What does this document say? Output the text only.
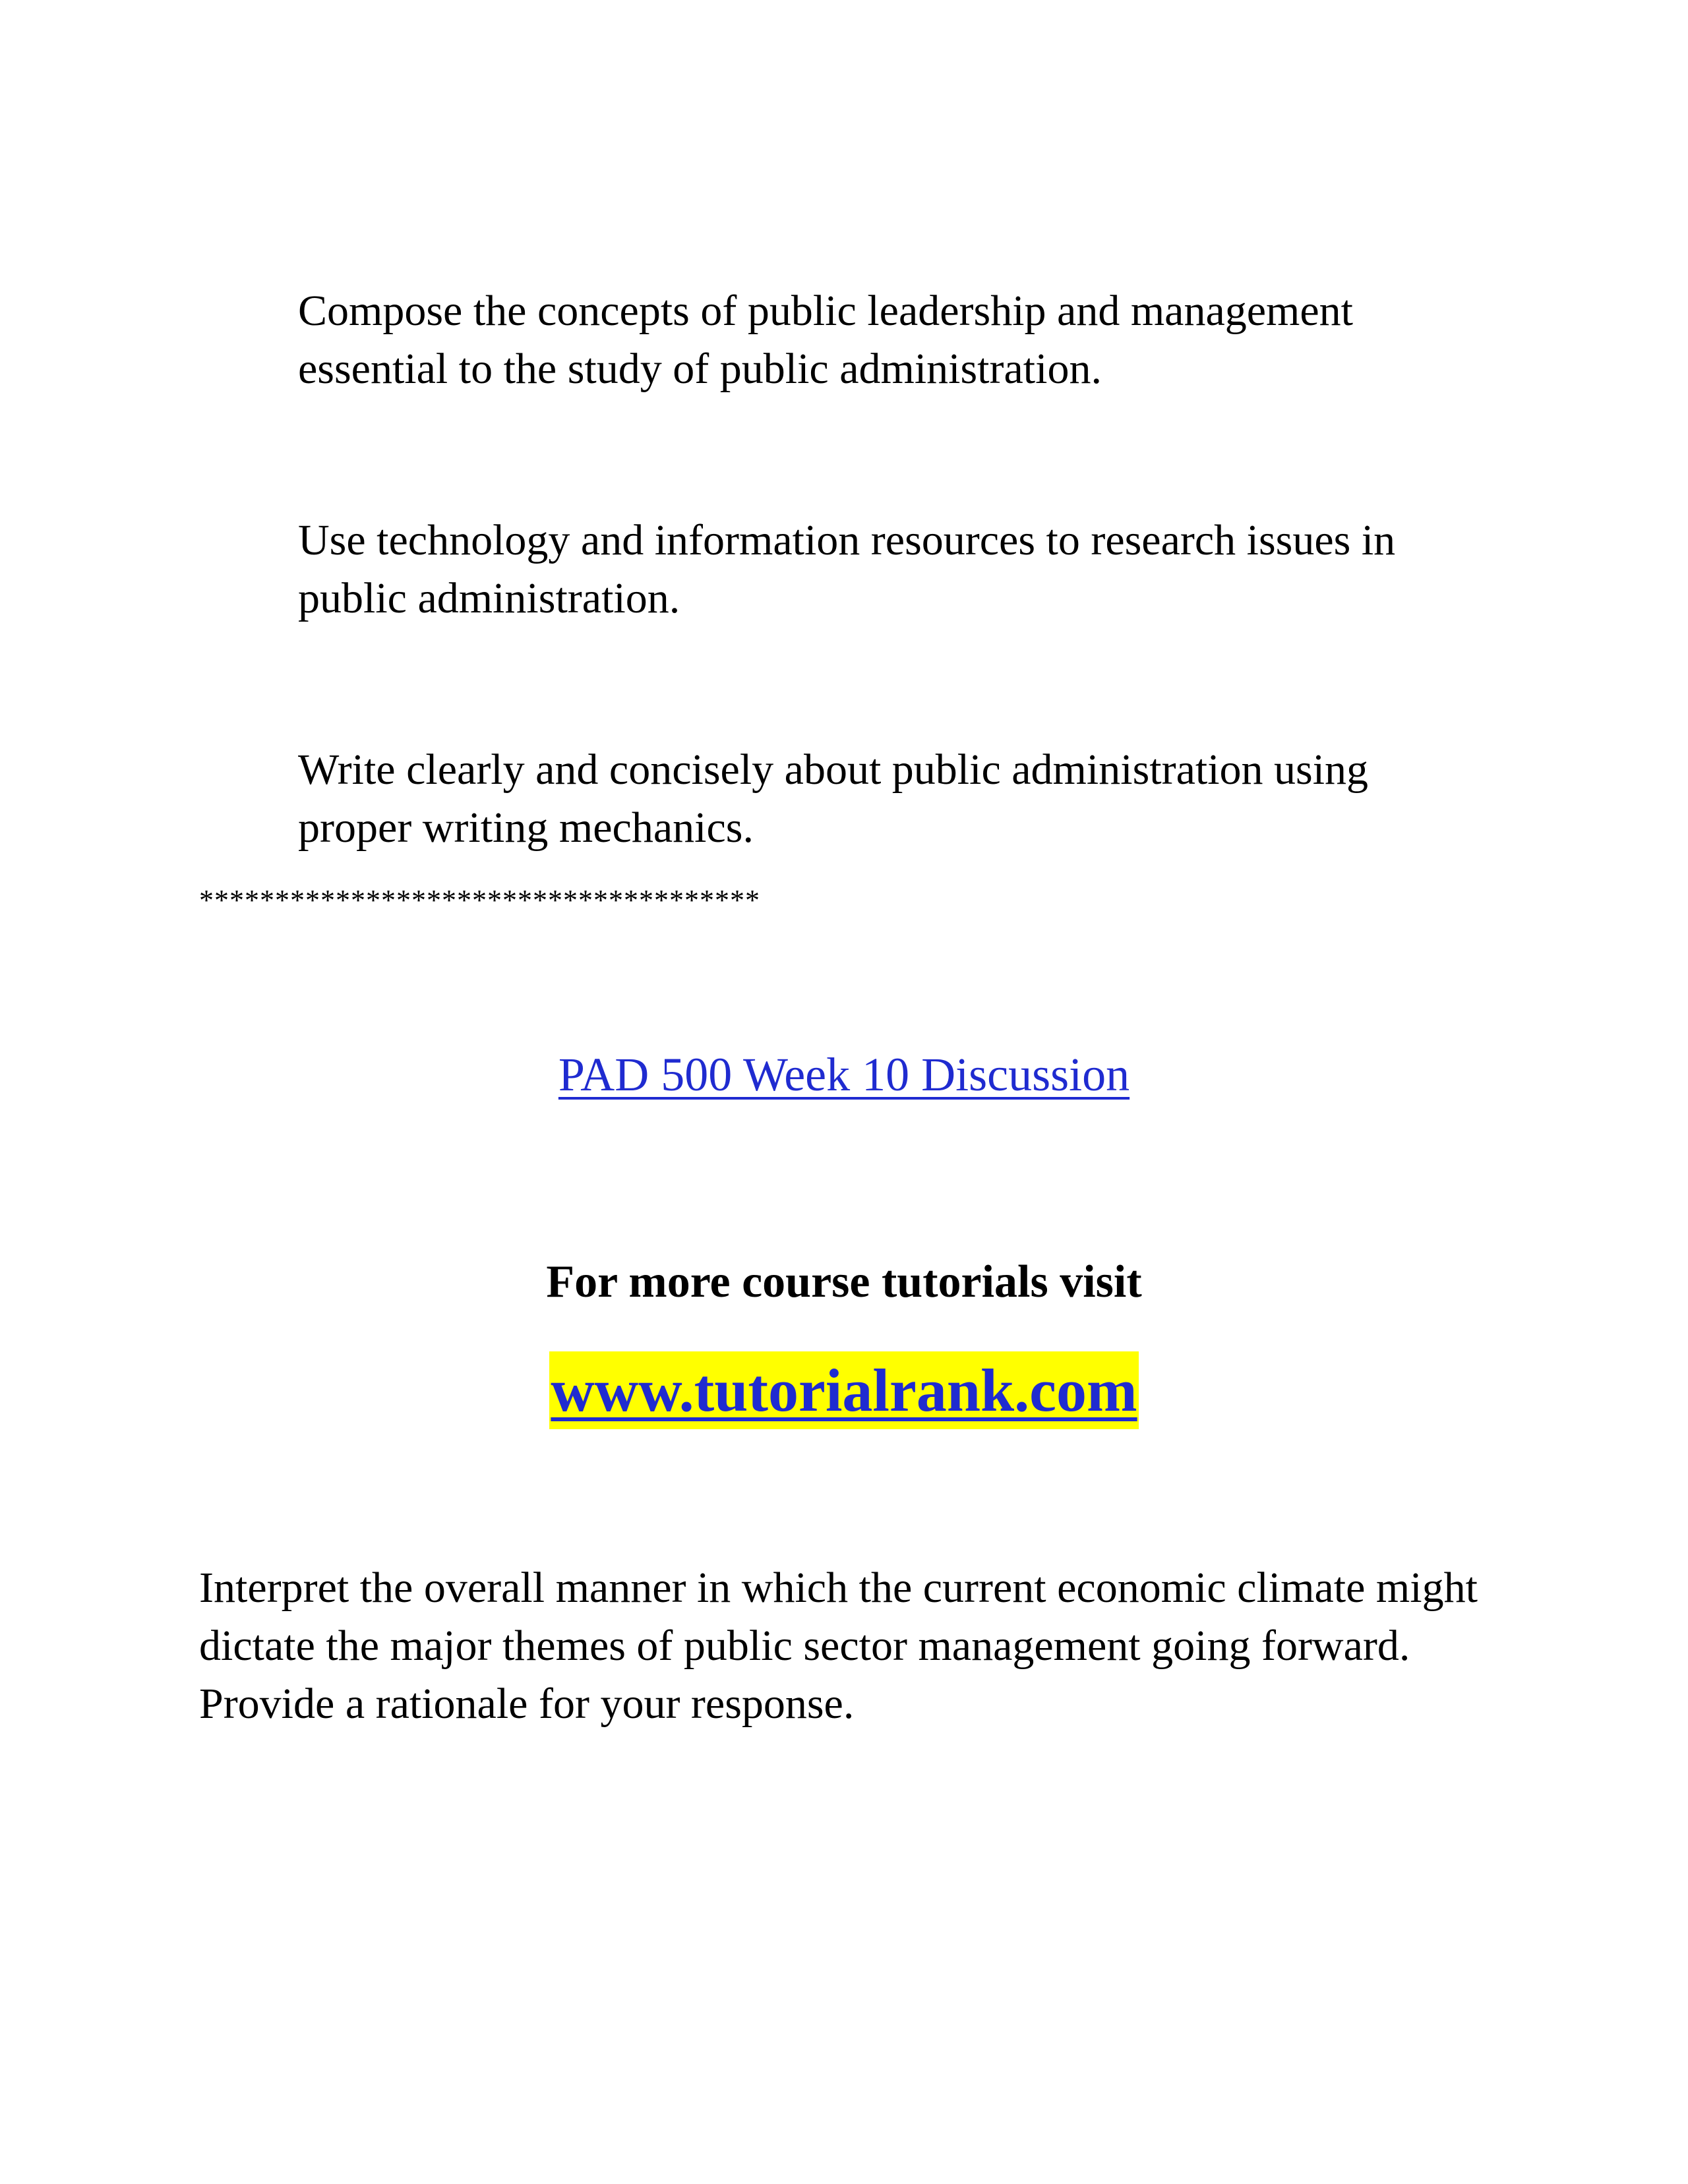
Compose the concepts of public leadership and management essential to the study of public administration.

Use technology and information resources to research issues in public administration.

Write clearly and concisely about public administration using proper writing mechanics.

*************************************

PAD 500 Week 10 Discussion

For more course tutorials visit

www.tutorialrank.com

Interpret the overall manner in which the current economic climate might dictate the major themes of public sector management going forward. Provide a rationale for your response.
